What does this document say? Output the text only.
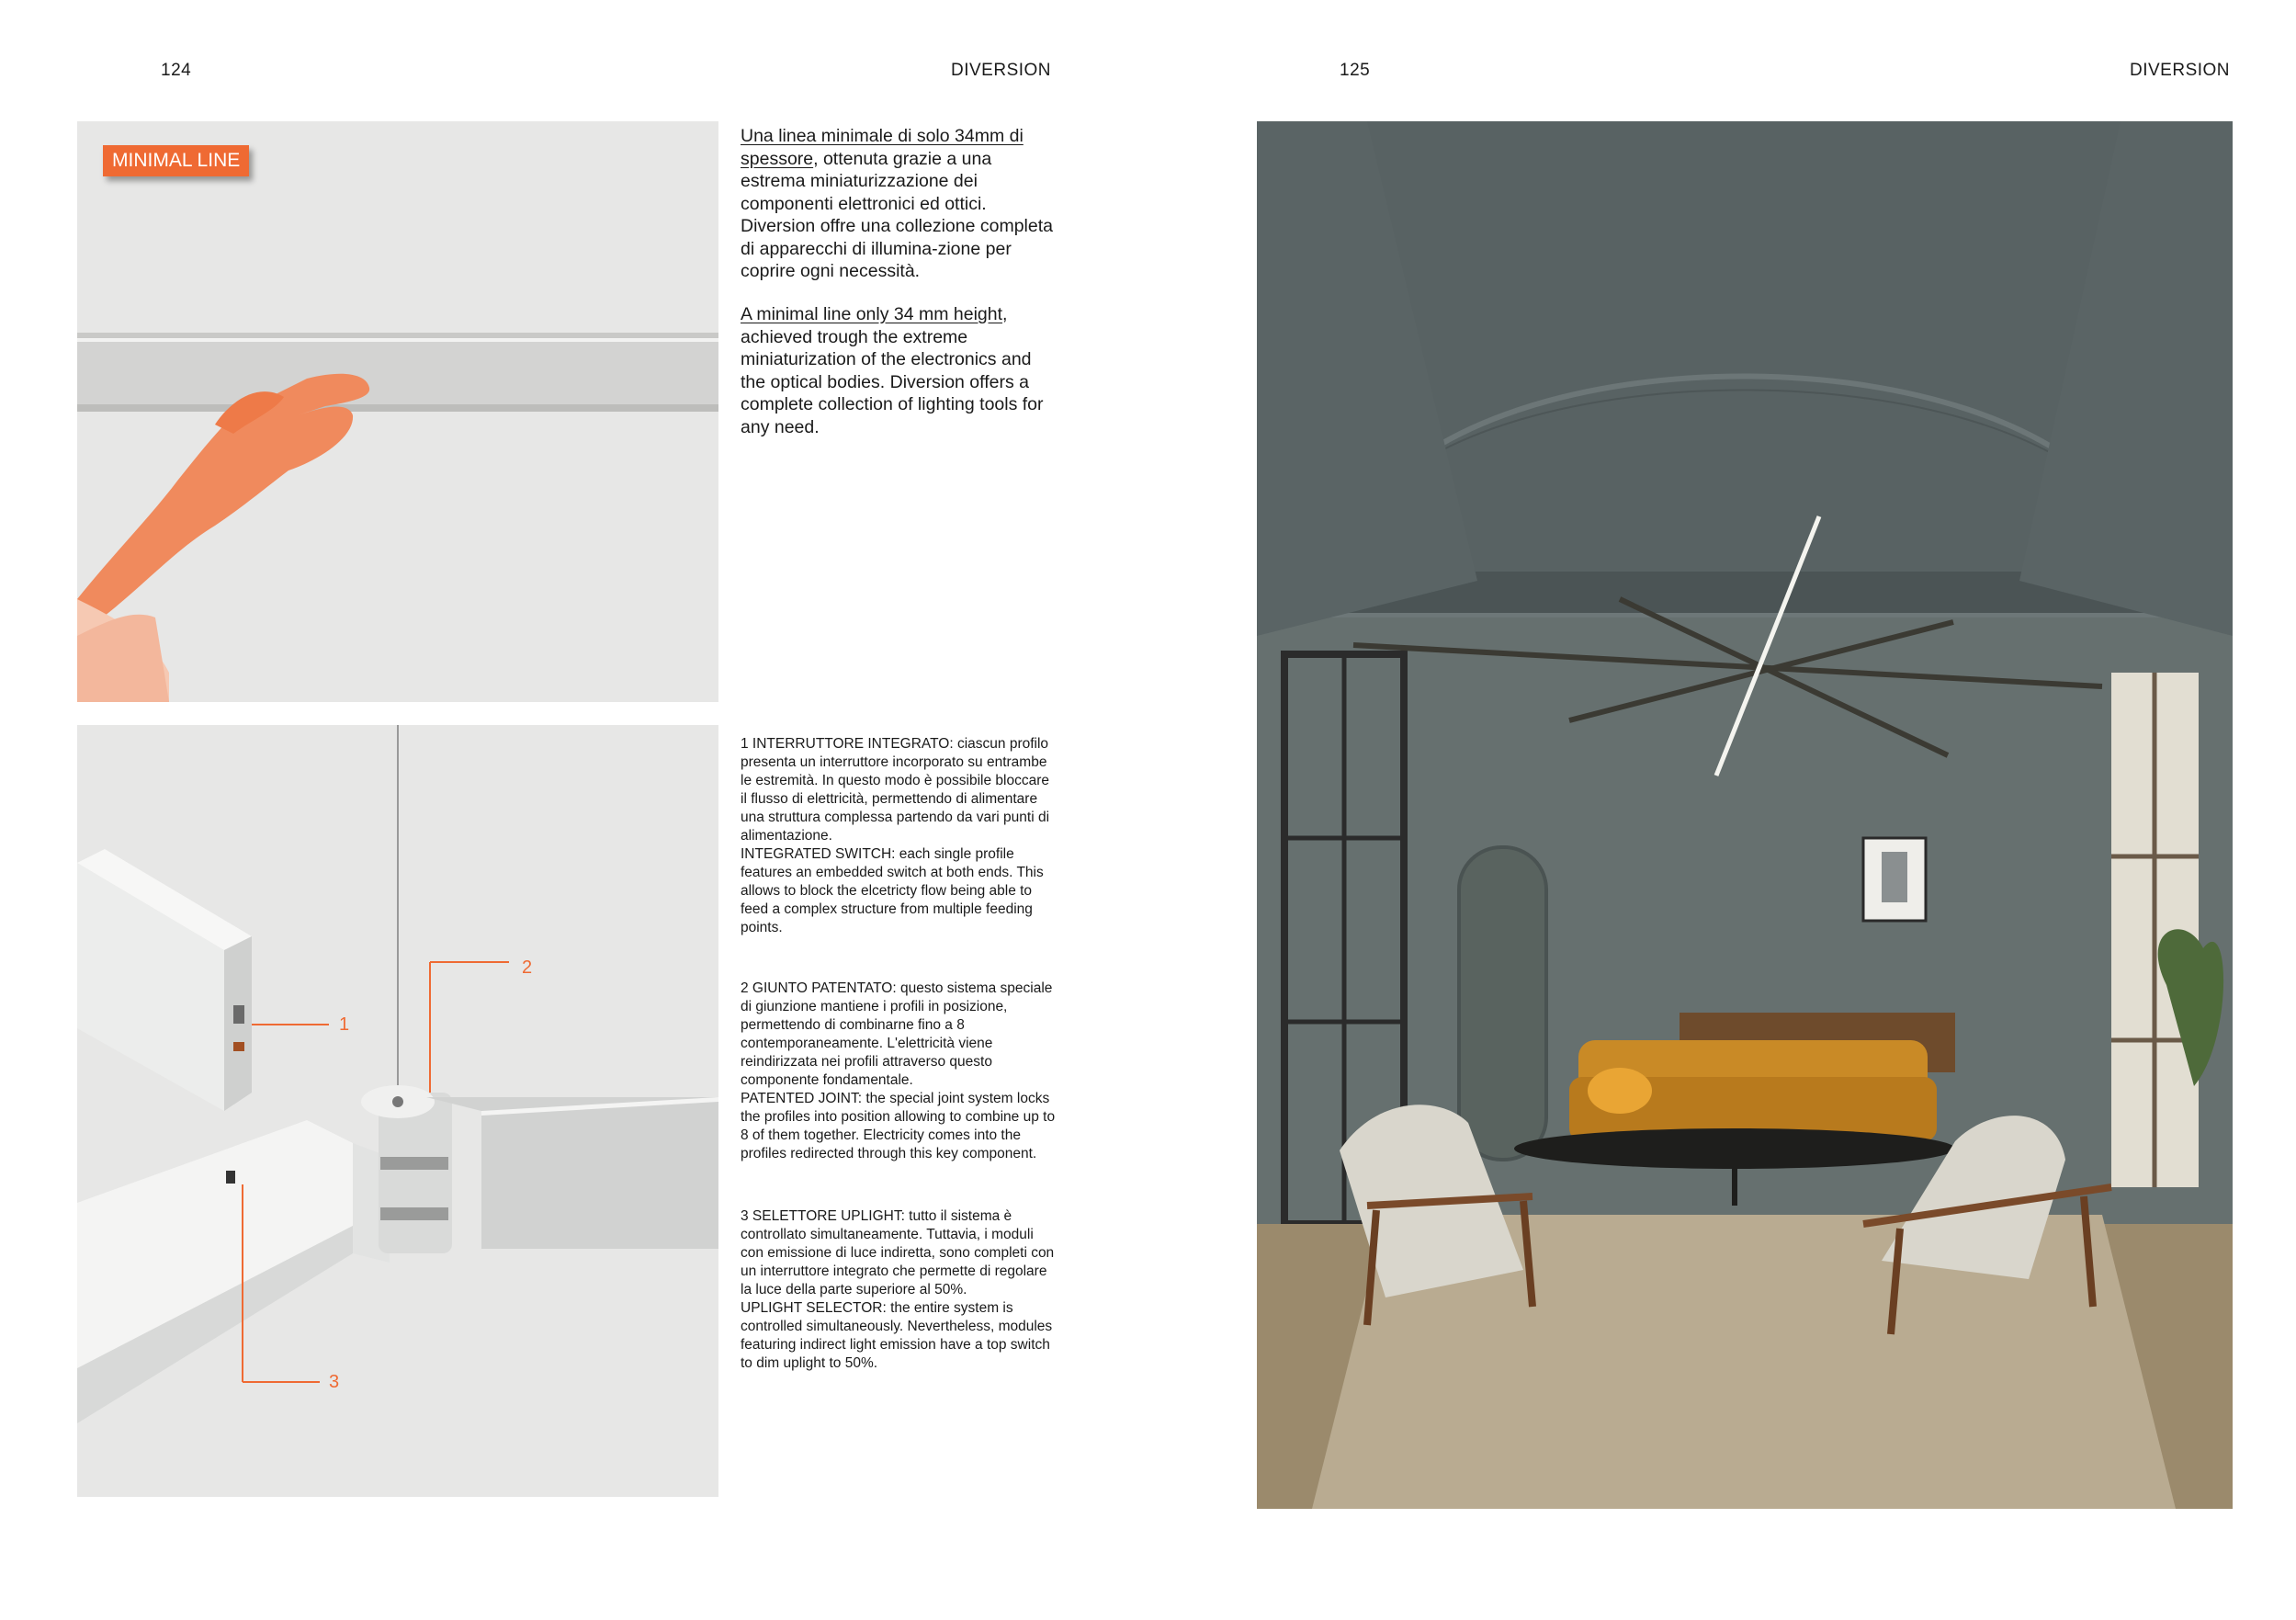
124	DIVERSION	125	DIVERSION
MINIMAL LINE
1
2
3
Una linea minimale di solo 34mm di spessore, ottenuta grazie a una estrema miniaturizzazione dei componenti elettronici ed ottici. Diversion offre una collezione completa di apparecchi di illumina-zione per coprire ogni necessità.
A minimal line only 34 mm height, achieved trough the extreme miniaturization of the electronics and the optical bodies. Diversion offers a complete collection of lighting tools for any need.

1 INTERRUTTORE INTEGRATO: ciascun profilo presenta un interruttore incorporato su entrambe le estremità. In questo modo è possibile bloccare il flusso di elettricità, permettendo di alimentare una struttura complessa partendo da vari punti di alimentazione.

INTEGRATED SWITCH: each single profile features an embedded switch at both ends. This allows to block the elcetricty flow being able to feed a complex structure from multiple feeding points.

2 GIUNTO PATENTATO: questo sistema speciale di giunzione mantiene i profili in posizione, permettendo di combinarne fino a 8 contemporaneamente. L'elettricità viene reindirizzata nei profili attraverso questo componente fondamentale.

PATENTED JOINT: the special joint system locks the profiles into position allowing to combine up to 8 of them together. Electricity comes into the profiles redirected through this key component.

3 SELETTORE UPLIGHT: tutto il sistema è controllato simultaneamente. Tuttavia, i moduli con emissione di luce indiretta, sono completi con un interruttore integrato che permette di regolare la luce della parte superiore al 50%.

UPLIGHT SELECTOR: the entire system is controlled simultaneously. Nevertheless, modules featuring indirect light emission have a top switch to dim uplight to 50%.
